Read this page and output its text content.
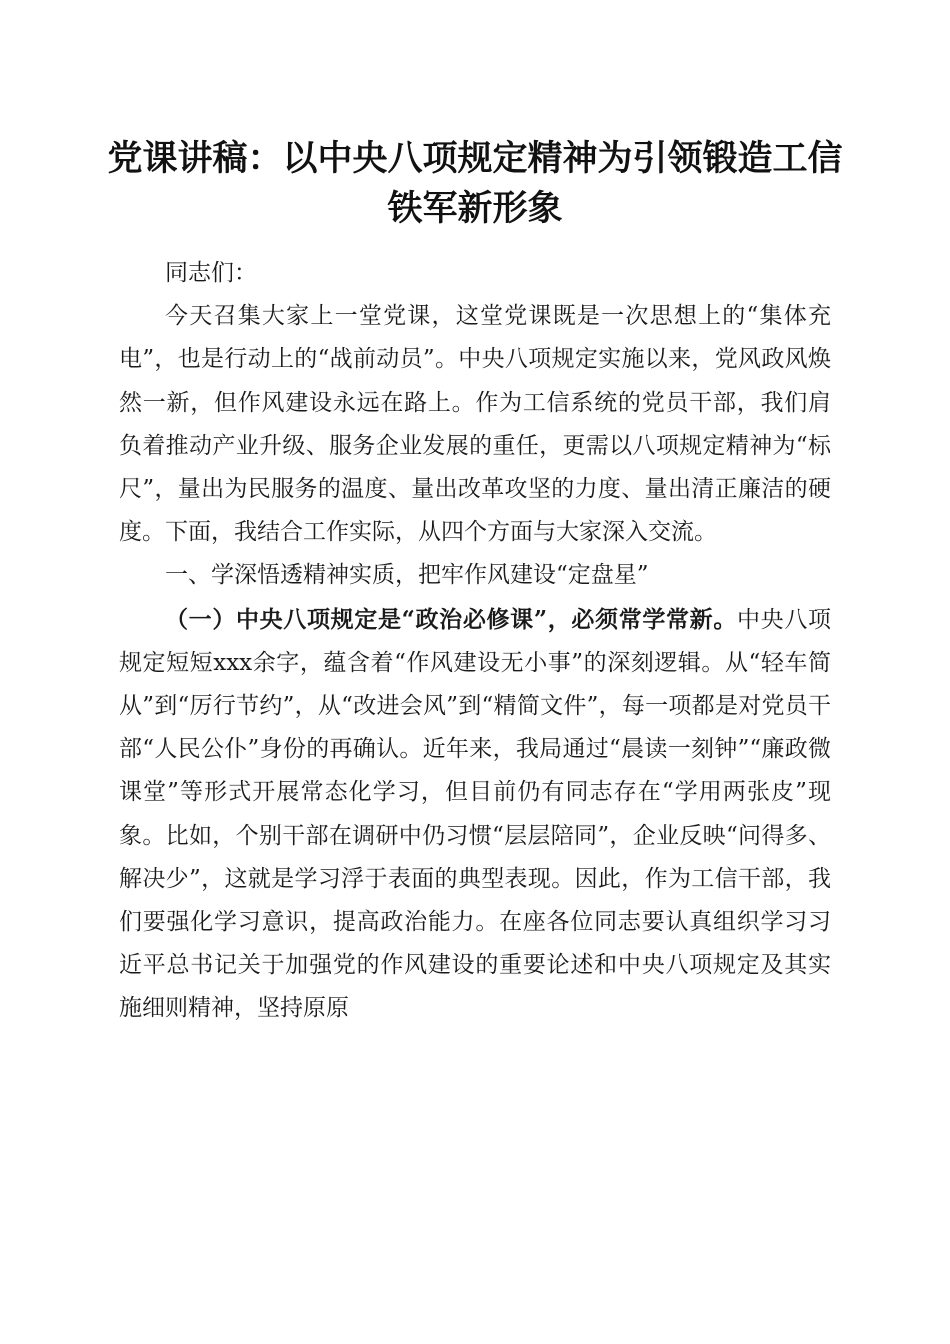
党课讲稿：以中央八项规定精神为引领锻造工信铁军新形象

同志们：

今天召集大家上一堂党课，这堂党课既是一次思想上的“集体充电”，也是行动上的“战前动员”。中央八项规定实施以来，党风政风焕然一新，但作风建设永远在路上。作为工信系统的党员干部，我们肩负着推动产业升级、服务企业发展的重任，更需以八项规定精神为“标尺”，量出为民服务的温度、量出改革攻坚的力度、量出清正廉洁的硬度。下面，我结合工作实际，从四个方面与大家深入交流。

一、学深悟透精神实质，把牢作风建设“定盘星”

（一）中央八项规定是“政治必修课”，必须常学常新。中央八项规定短短xxx余字，蕴含着“作风建设无小事”的深刻逻辑。从“轻车简从”到“厉行节约”，从“改进会风”到“精简文件”，每一项都是对党员干部“人民公仆”身份的再确认。近年来，我局通过“晨读一刻钟”“廉政微课堂”等形式开展常态化学习，但目前仍有同志存在“学用两张皮”现象。比如，个别干部在调研中仍习惯“层层陪同”，企业反映“问得多、解决少”，这就是学习浮于表面的典型表现。因此，作为工信干部，我们要强化学习意识，提高政治能力。在座各位同志要认真组织学习习近平总书记关于加强党的作风建设的重要论述和中央八项规定及其实施细则精神，坚持原原
